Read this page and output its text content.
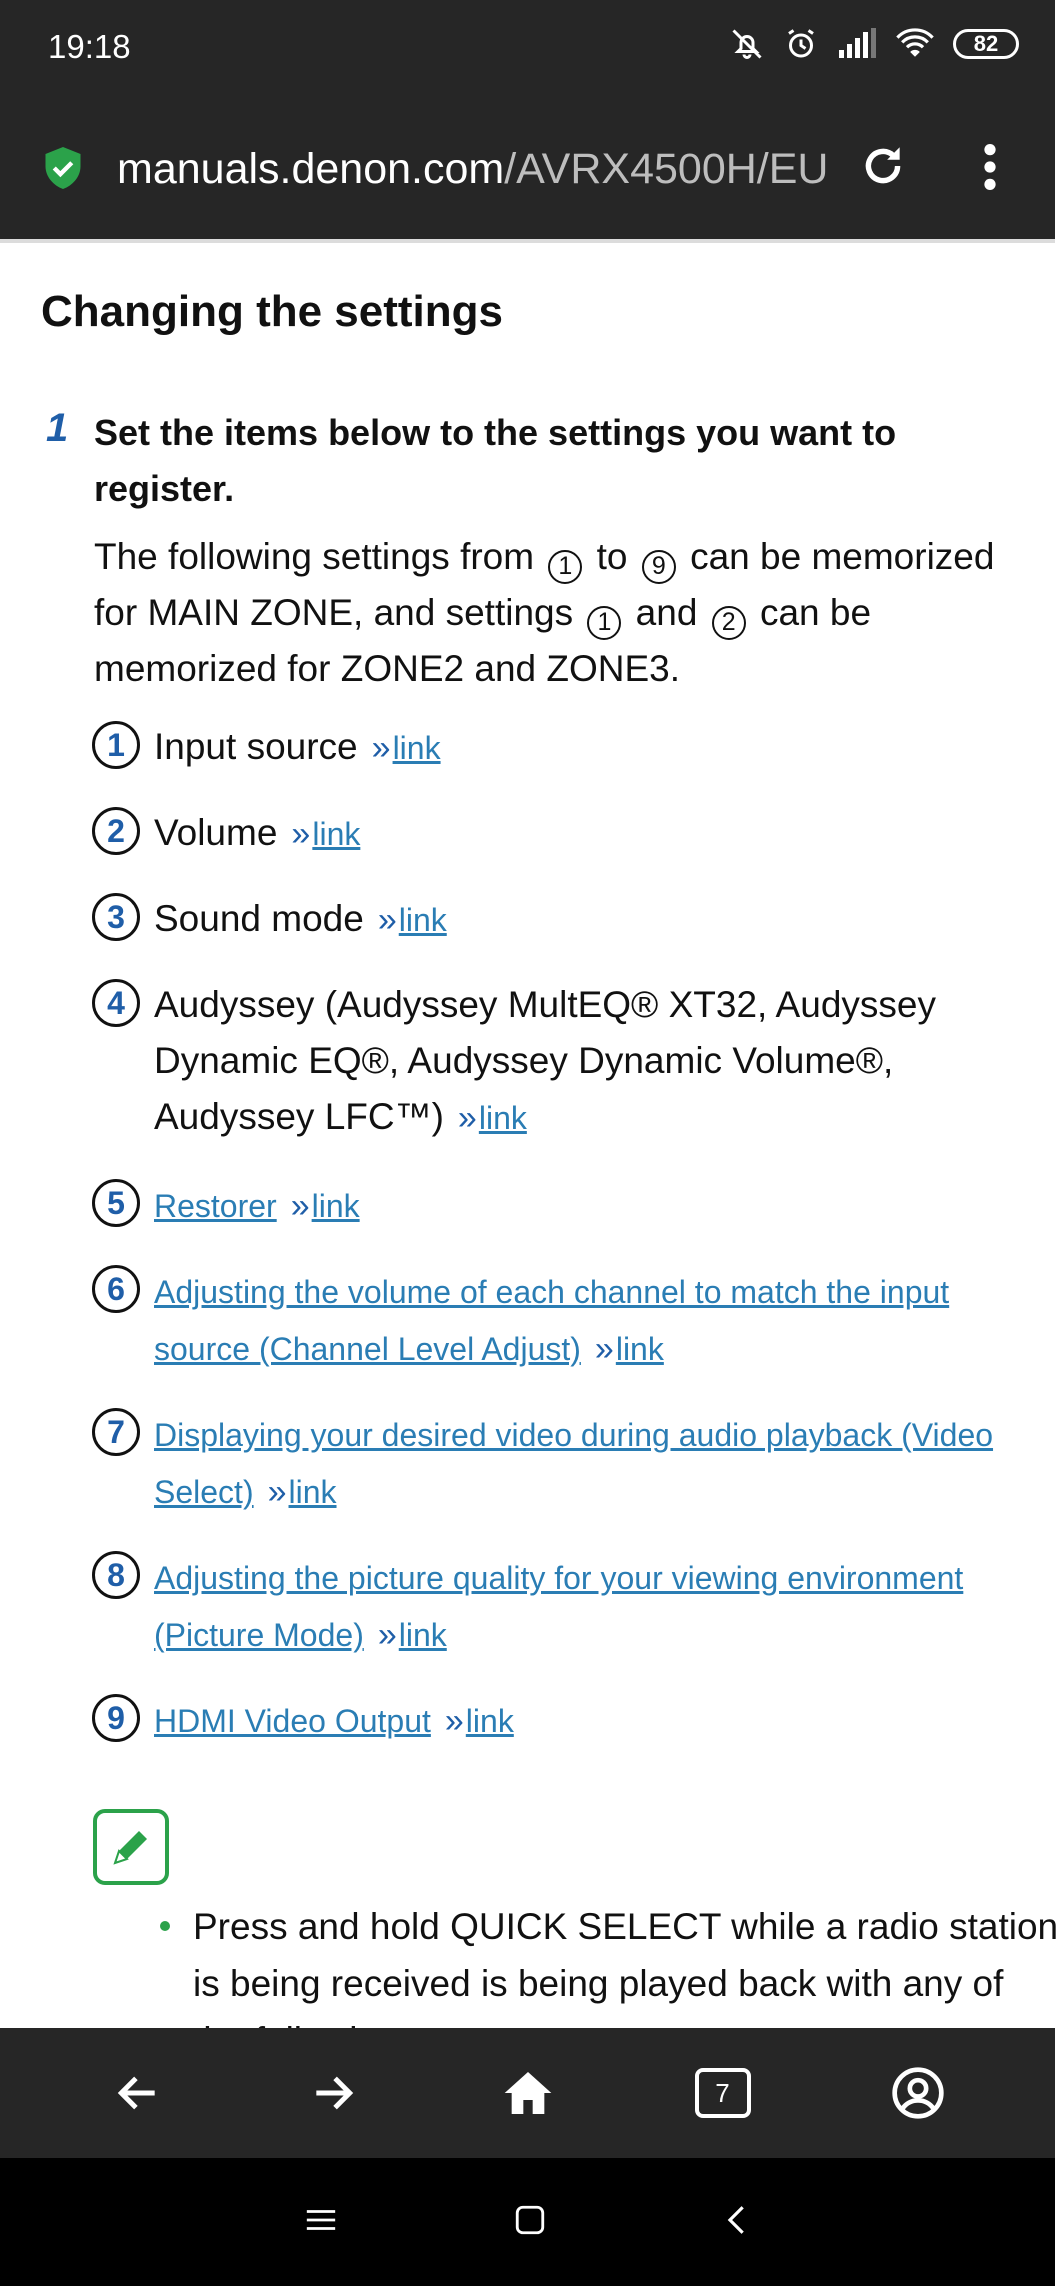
19:18	82
manuals.denon.com/AVRX4500H/EU
Changing the settings
1 Set the items below to the settings you want to register.
The following settings from 1 to 9 can be memorized for MAIN ZONE, and settings 1 and 2 can be memorized for ZONE2 and ZONE3.
1 Input source »link
2 Volume »link
3 Sound mode »link
4 Audyssey (Audyssey MultEQ® XT32, Audyssey Dynamic EQ®, Audyssey Dynamic Volume®, Audyssey LFC™) »link
5 Restorer »link
6 Adjusting the volume of each channel to match the input source (Channel Level Adjust) »link
7 Displaying your desired video during audio playback (Video Select) »link
8 Adjusting the picture quality for your viewing environment (Picture Mode) »link
9 HDMI Video Output »link
Press and hold QUICK SELECT while a radio station is being received is being played back with any of
7
